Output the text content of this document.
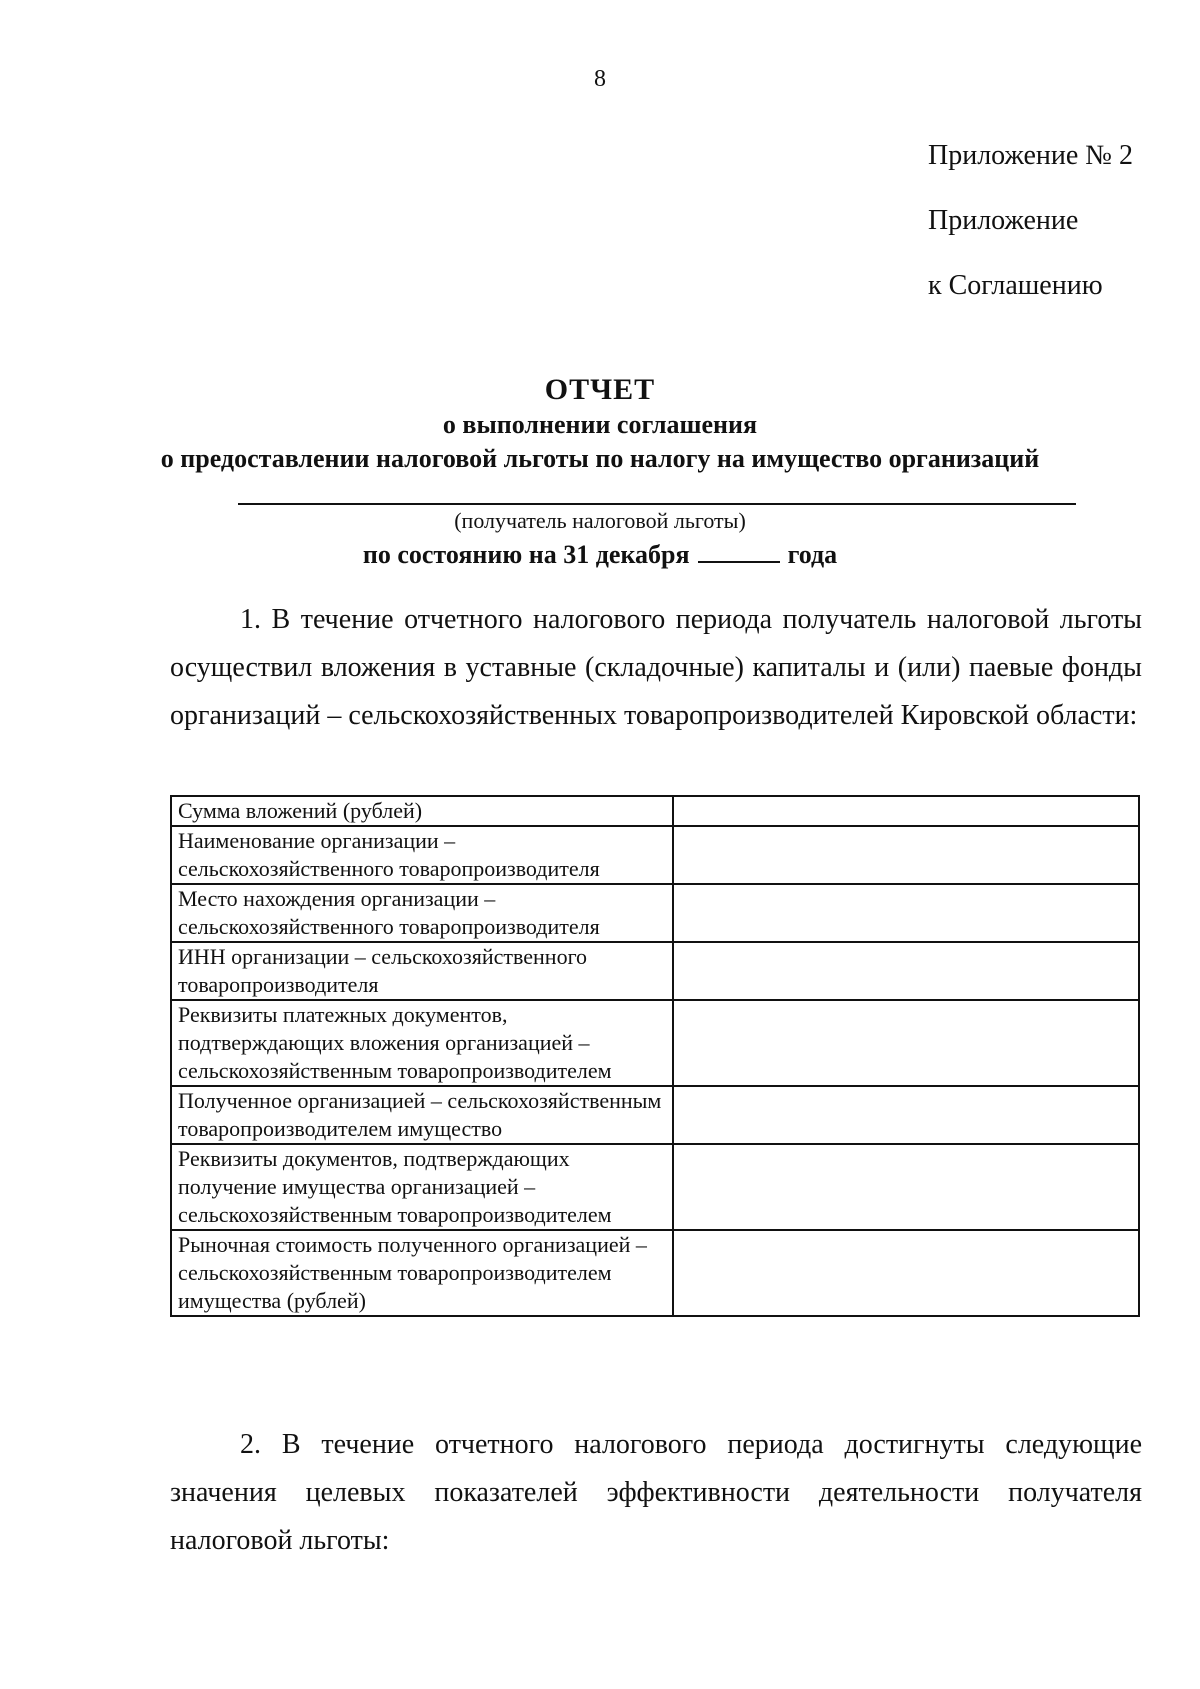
8
Приложение № 2
Приложение
к Соглашению
ОТЧЕТ
о выполнении соглашения
о предоставлении налоговой льготы по налогу на имущество организаций
(получатель налоговой льготы)
по состоянию на 31 декабря	года
1. В течение отчетного налогового периода получатель налоговой льготы осуществил вложения в уставные (складочные) капиталы и (или) паевые фонды организаций – сельскохозяйственных товаропроизводителей Кировской области:
Сумма вложений (рублей)	
Наименование организации – сельскохозяйственного товаропроизводителя	
Место нахождения организации – сельскохозяйственного товаропроизводителя	
ИНН организации – сельскохозяйственного товаропроизводителя	
Реквизиты платежных документов, подтверждающих вложения организацией – сельскохозяйственным товаропроизводителем	
Полученное организацией – сельскохозяйственным товаропроизводителем имущество	
Реквизиты документов, подтверждающих получение имущества организацией – сельскохозяйственным товаропроизводителем	
Рыночная стоимость полученного организацией – сельскохозяйственным товаропроизводителем имущества (рублей)	
2. В течение отчетного налогового периода достигнуты следующие значения целевых показателей эффективности деятельности получателя налоговой льготы:
